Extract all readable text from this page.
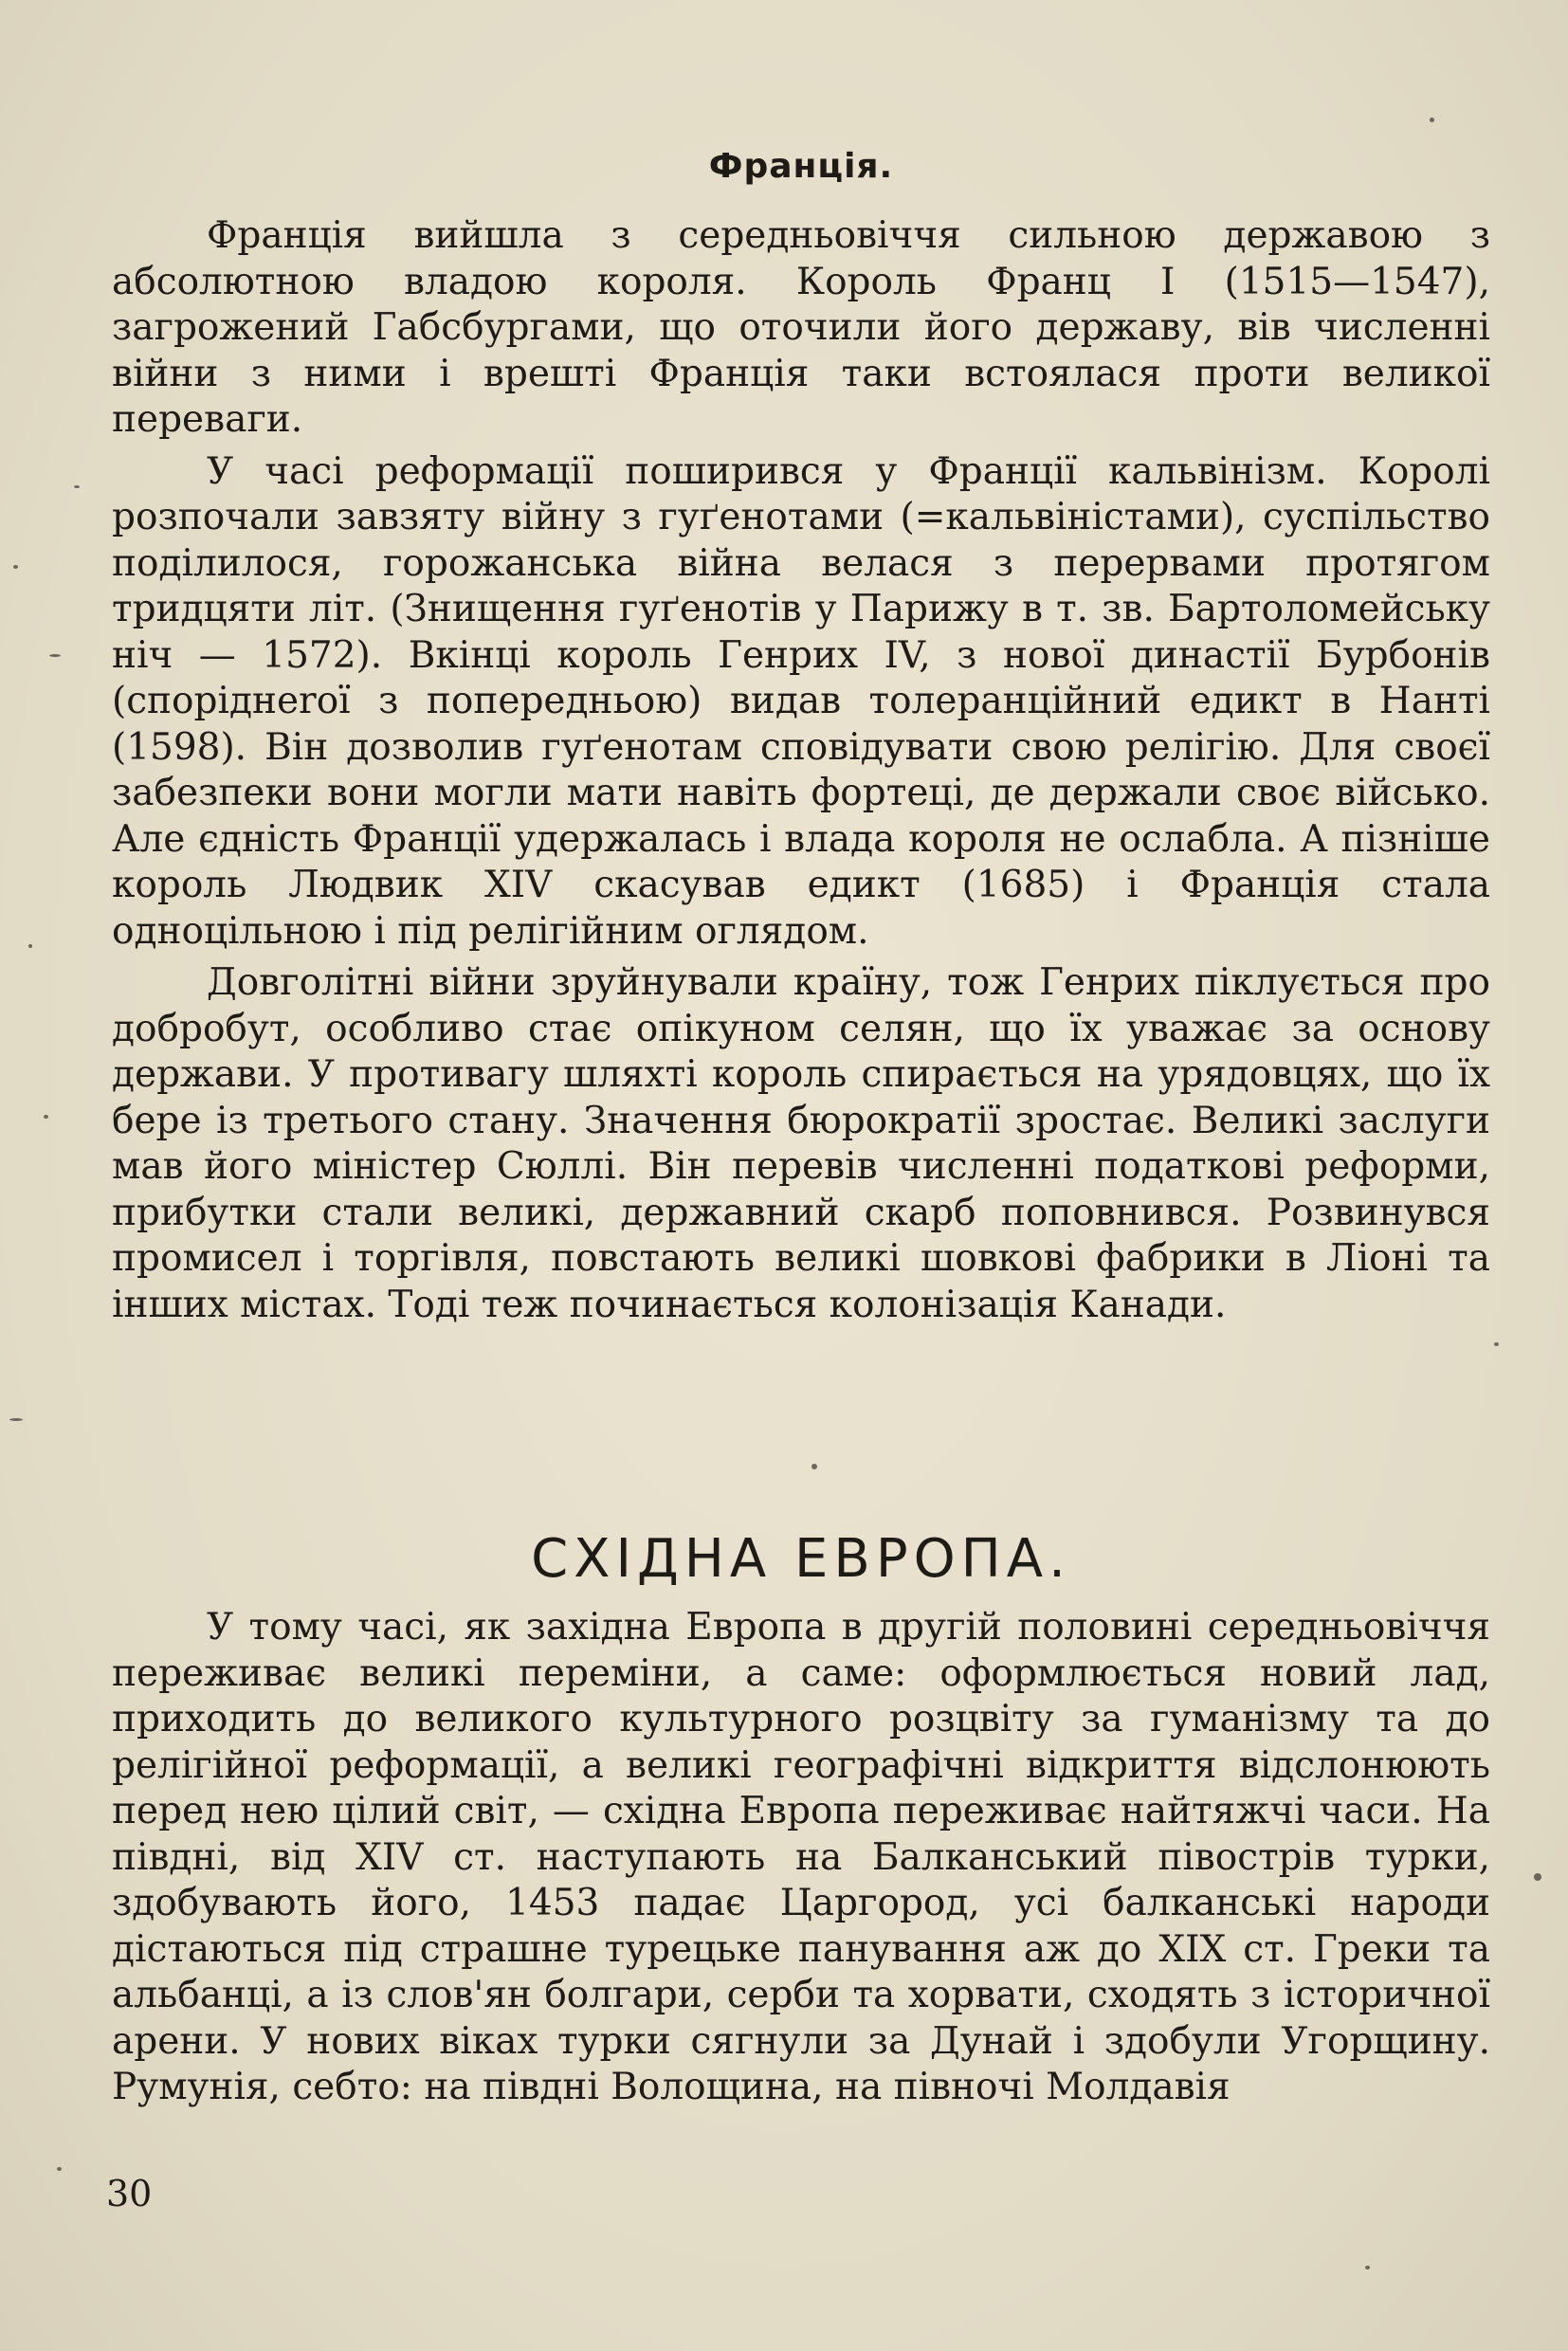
Франція.

Франція вийшла з середньовіччя сильною державою з абсолютною владою короля. Король Франц І (1515—1547), загрожений Габсбургами, що оточили його державу, вів численні війни з ними і врешті Франція таки встоялася проти великої переваги.

У часі реформації поширився у Франції кальвінізм. Королі розпочали завзяту війну з гуґенотами (=кальвіністами), суспільство поділилося, горожанська війна велася з перервами протягом тридцяти літ. (Знищення гуґенотів у Парижу в т. зв. Бартоломейську ніч — 1572). Вкінці король Генрих IV, з нової династії Бурбонів (споріднеrої з попередньою) видав толеранційний едикт в Нанті (1598). Він дозволив гуґенотам сповідувати свою релігію. Для своєї забезпеки вони могли мати навіть фортеці, де держали своє військо. Але єдність Франції удержалась і влада короля не ослабла. А пізніше король Людвик XIV скасував едикт (1685) і Франція стала одноцільною і під релігійним оглядом.

Довголітні війни зруйнували країну, тож Генрих піклується про добробут, особливо стає опікуном селян, що їх уважає за основу держави. У противагу шляхті король спирається на урядовцях, що їх бере із третього стану. Значення бюрократії зростає. Великі заслуги мав його міністер Сюллі. Він перевів численні податкові реформи, прибутки стали великі, державний скарб поповнився. Розвинувся промисел і торгівля, повстають великі шовкові фабрики в Ліоні та інших містах. Тоді теж починається колонізація Канади.

СХІДНА ЕВРОПА.

У тому часі, як західна Европа в другій половині середньовіччя переживає великі переміни, а саме: оформлюється новий лад, приходить до великого культурного розцвіту за гуманізму та до релігійної реформації, а великі географічні відкриття відслонюють перед нею цілий світ, — східна Европа переживає найтяжчі часи. На півдні, від XIV ст. наступають на Балканський півострів турки, здобувають його, 1453 падає Царгород, усі балканські народи дістаються під страшне турецьке панування аж до XIX ст. Греки та альбанці, а із слов'ян болгари, серби та хорвати, сходять з історичної арени. У нових віках турки сягнули за Дунай і здобули Угорщину. Румунія, себто: на півдні Волощина, на півночі Молдавія

30
